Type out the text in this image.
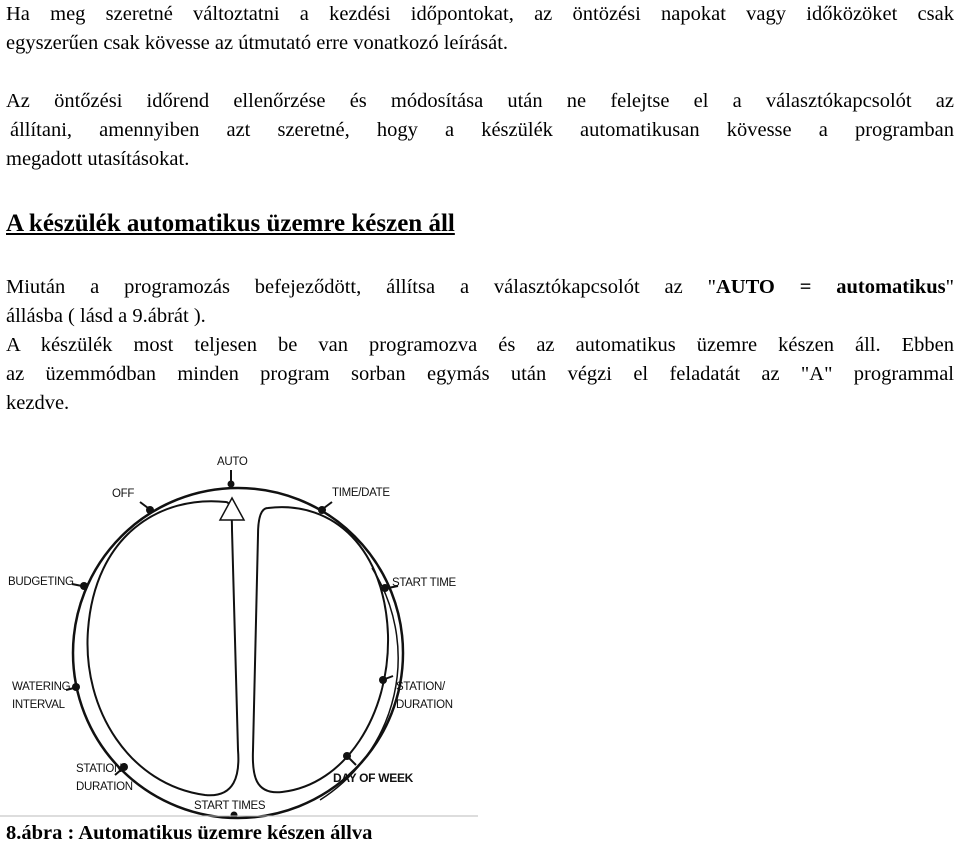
Ha meg szeretné változtatni a kezdési időpontokat, az öntözési napokat vagy időközöket csak
egyszerűen csak kövesse az útmutató erre vonatkozó leírását.

Az öntőzési időrend ellenőrzése és módosítása után ne felejtse el a választókapcsolót az
állítani, amennyiben azt szeretné, hogy a készülék automatikusan kövesse a programban
megadott utasításokat.

A készülék automatikus üzemre készen áll

Miután a programozás befejeződött, állítsa a választókapcsolót az "AUTO = automatikus"
állásba ( lásd a 9.ábrát ).
A készülék most teljesen be van programozva és az automatikus üzemre készen áll. Ebben
az üzemmódban minden program sorban egymás után végzi el feladatát az "A" programmal
kezdve.

AUTO
OFF	TIME/DATE
BUDGETING	START TIME
WATERING
INTERVAL
STATION/
DURATION
STATION/
DURATION
DAY OF WEEK
START TIMES

8.ábra : Automatikus üzemre készen állva
